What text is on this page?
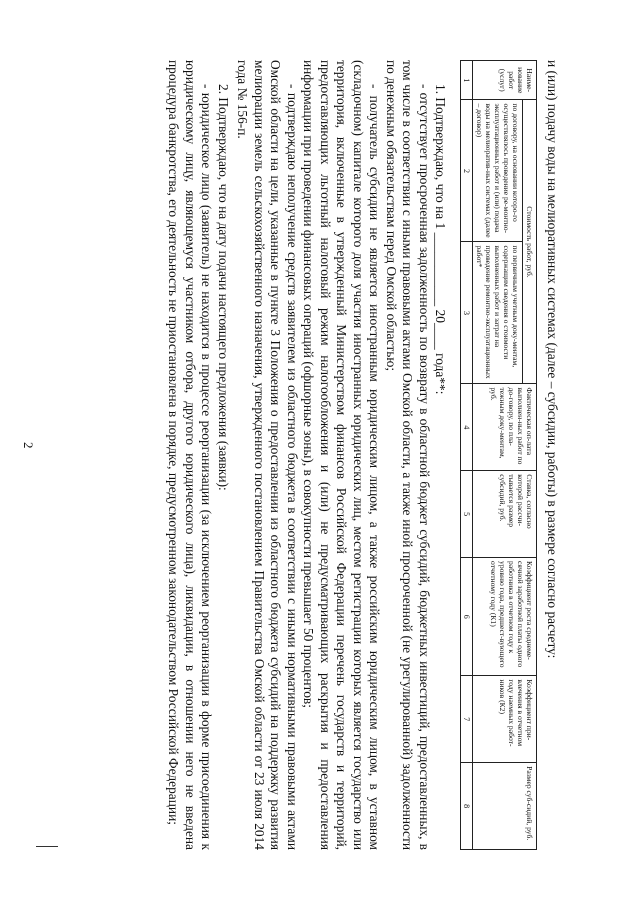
2	и (или) подачу воды на мелиоративных системах (далее – субсидии, работы) в размере согласно расчету:

Наиме-нование работ (услуг)	Стоимость работ, руб.		Фактическая оп-лата выполнен-ных работ по до-говору, по пла-тежным доку-ментам, руб.	Ставка, согласно которой рассчи-тывается размер субсидий, руб.	Коэффициент роста среднеме-сячной заработной платы одного работника в отчетном году к уровню года, предшест-вующего отчетному году (К1)	Коэффициент при-влечения в отчетном году наемных работ-ников (К2)	Размер суб-сидий, руб.
	по договору, на основании которо-го осуществлялось проведение ре-монтно-эксплуатационных работ и (или) подача воды на мелиоратив-ных системах (далее – договор)	по первичным учетным доку-ментам, содержащим сведения о стоимости выполненных работ и затрат на проведение ремонтно-эксплуатационных работ*					
1	2	3	4	5	6	7	8

1. Подтверждаю, что на 1 ___________ 20____ года**:

- отсутствует просроченная задолженность по возврату в областной бюджет субсидий, бюджетных инвестиций, предоставленных, в том числе в соответствии с иными правовыми актами Омской области, а также иной просроченной (не урегулированной) задолженности по денежным обязательствам перед Омской областью;

- получатель субсидии не является иностранным юридическим лицом, а также российским юридическим лицом, в уставном (складочном) капитале которого доля участия иностранных юридических лиц, местом регистрации которых является государство или территория, включенные в утвержденный Министерством финансов Российской Федерации перечень государств и территорий, предоставляющих льготный налоговый режим налогообложения и (или) не предусматривающих раскрытия и предоставления информации при проведении финансовых операций (офшорные зоны), в совокупности превышает 50 процентов;

- подтверждаю неполучение средств заявителем из областного бюджета в соответствии с иными нормативными правовыми актами Омской области на цели, указанные в пункте 3 Положения о предоставлении из областного бюджета субсидий на поддержку развития мелиорации земель сельскохозяйственного назначения, утвержденного постановлением Правительства Омской области от 23 июля 2014 года № 156-п.

2. Подтверждаю, что на дату подачи настоящего предложения (заявки):

- юридическое лицо (заявитель) не находится в процессе реорганизации (за исключением реорганизации в форме присоединения к юридическому лицу, являющемуся участником отбора, другого юридического лица), ликвидации, в отношении него не введена процедура банкротства, его деятельность не приостановлена в порядке, предусмотренном законодательством Российской Федерации;
